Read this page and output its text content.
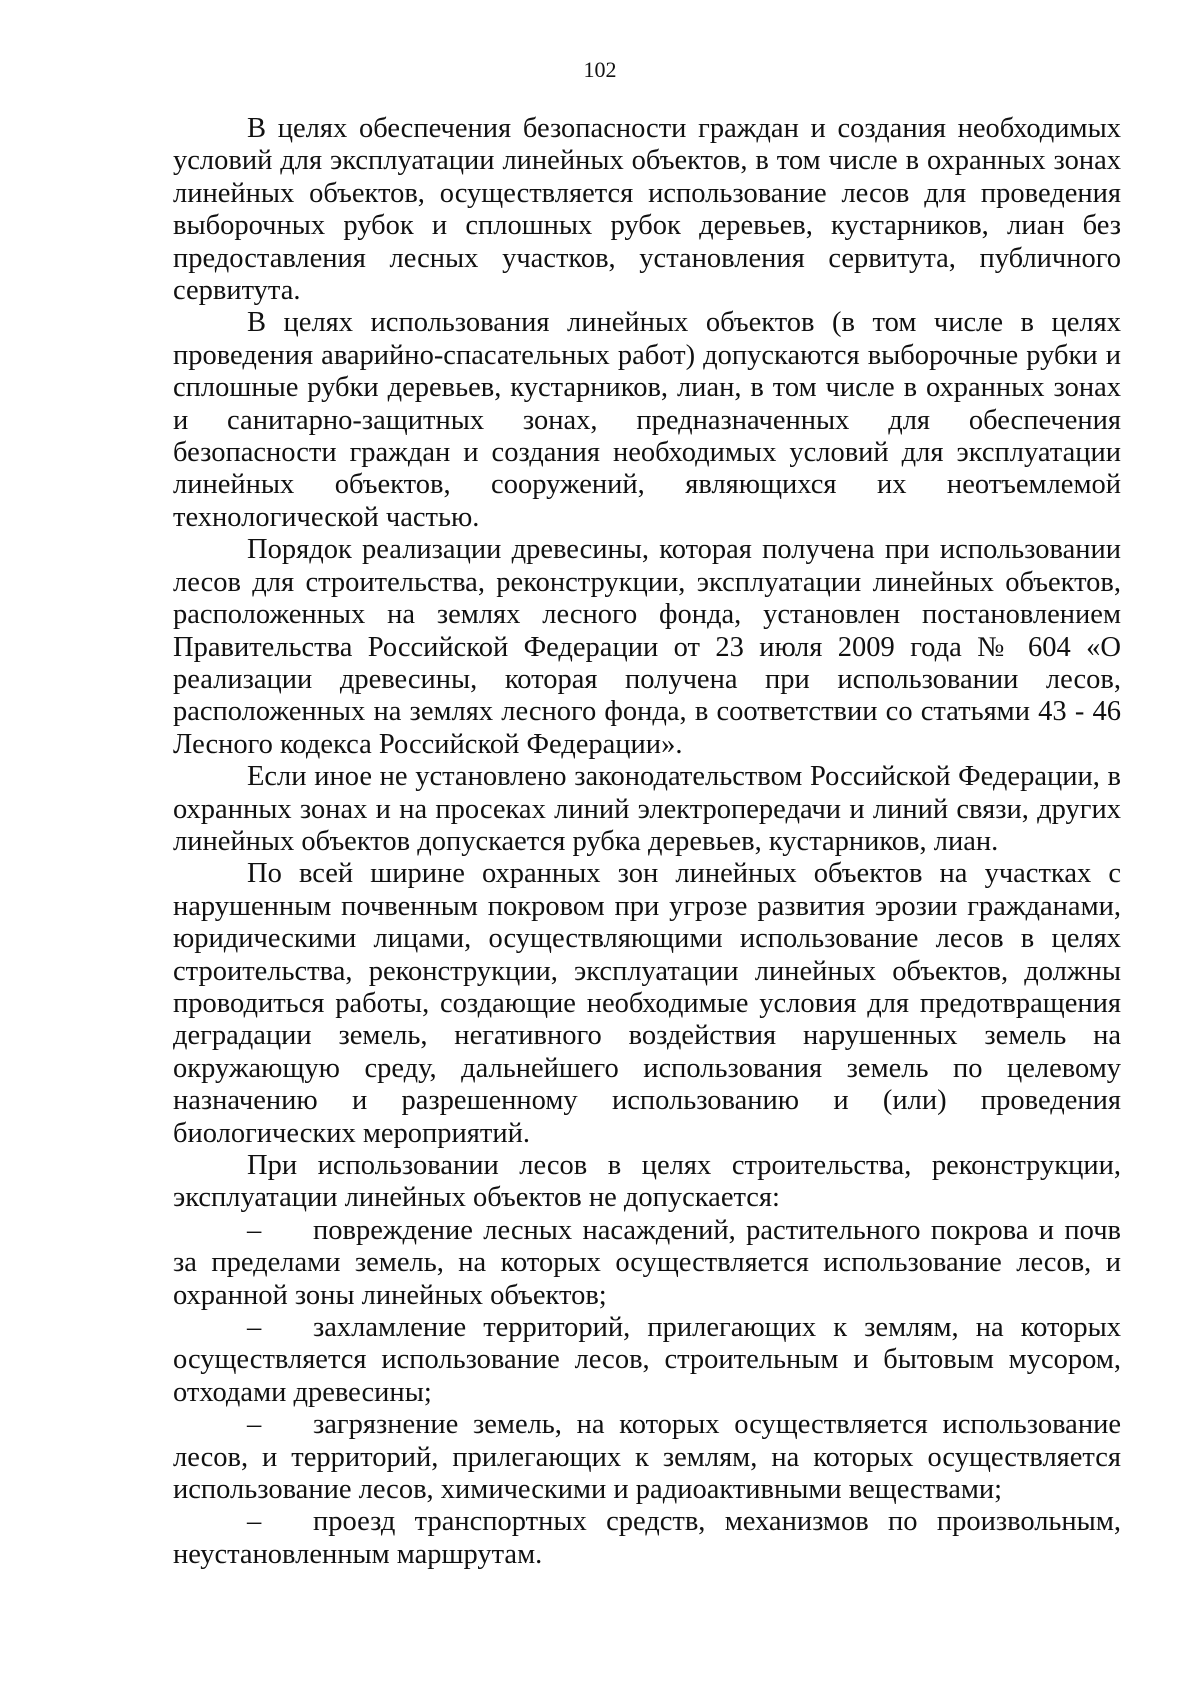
102

В целях обеспечения безопасности граждан и создания необходимых условий для эксплуатации линейных объектов, в том числе в охранных зонах линейных объектов, осуществляется использование лесов для проведения выборочных рубок и сплошных рубок деревьев, кустарников, лиан без предоставления лесных участков, установления сервитута, публичного сервитута.

В целях использования линейных объектов (в том числе в целях проведения аварийно-спасательных работ) допускаются выборочные рубки и сплошные рубки деревьев, кустарников, лиан, в том числе в охранных зонах и санитарно-защитных зонах, предназначенных для обеспечения безопасности граждан и создания необходимых условий для эксплуатации линейных объектов, сооружений, являющихся их неотъемлемой технологической частью.

Порядок реализации древесины, которая получена при использовании лесов для строительства, реконструкции, эксплуатации линейных объектов, расположенных на землях лесного фонда, установлен постановлением Правительства Российской Федерации от 23 июля 2009 года № 604 «О реализации древесины, которая получена при использовании лесов, расположенных на землях лесного фонда, в соответствии со статьями 43 - 46 Лесного кодекса Российской Федерации».

Если иное не установлено законодательством Российской Федерации, в охранных зонах и на просеках линий электропередачи и линий связи, других линейных объектов допускается рубка деревьев, кустарников, лиан.

По всей ширине охранных зон линейных объектов на участках с нарушенным почвенным покровом при угрозе развития эрозии гражданами, юридическими лицами, осуществляющими использование лесов в целях строительства, реконструкции, эксплуатации линейных объектов, должны проводиться работы, создающие необходимые условия для предотвращения деградации земель, негативного воздействия нарушенных земель на окружающую среду, дальнейшего использования земель по целевому назначению и разрешенному использованию и (или) проведения биологических мероприятий.

При использовании лесов в целях строительства, реконструкции, эксплуатации линейных объектов не допускается:

–	повреждение лесных насаждений, растительного покрова и почв за пределами земель, на которых осуществляется использование лесов, и охранной зоны линейных объектов;

–	захламление территорий, прилегающих к землям, на которых осуществляется использование лесов, строительным и бытовым мусором, отходами древесины;

–	загрязнение земель, на которых осуществляется использование лесов, и территорий, прилегающих к землям, на которых осуществляется использование лесов, химическими и радиоактивными веществами;

–	проезд транспортных средств, механизмов по произвольным, неустановленным маршрутам.
